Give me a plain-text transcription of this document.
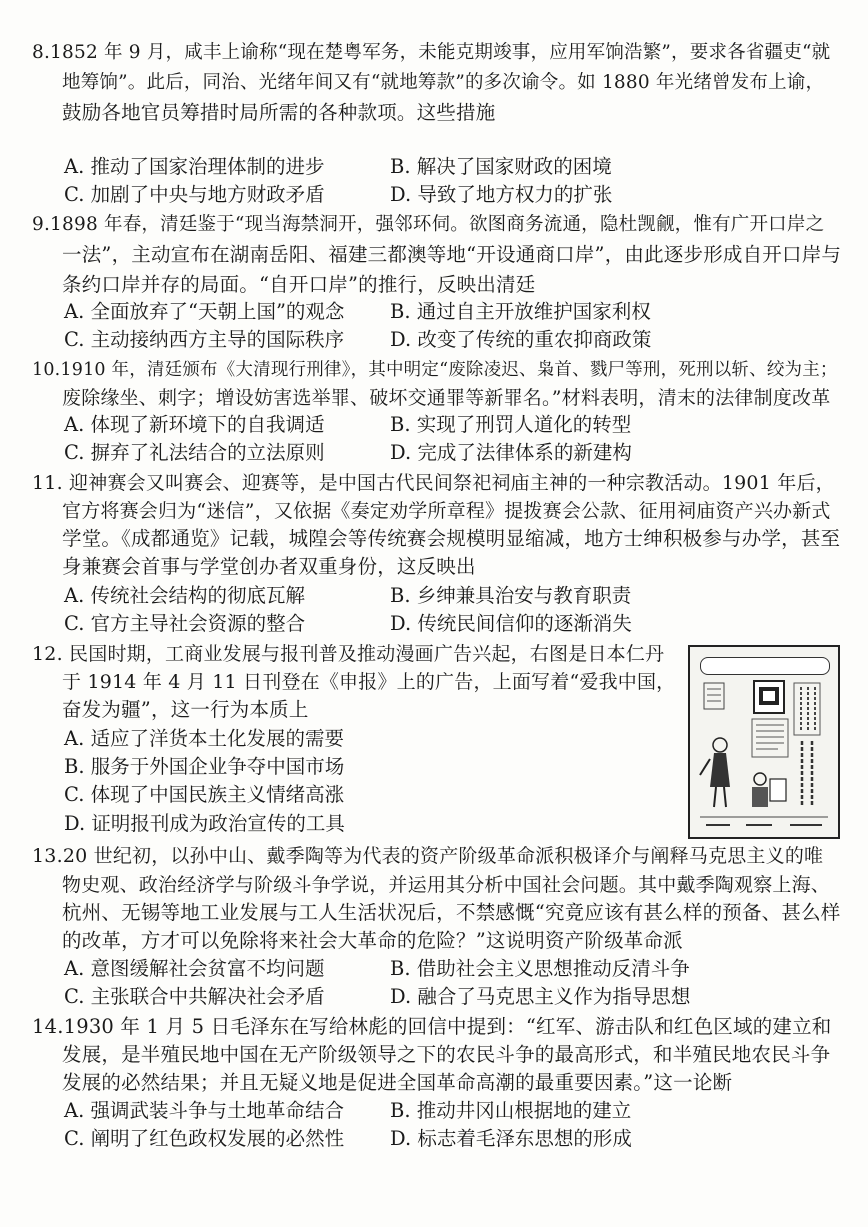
8.1852 年 9 月，咸丰上谕称“现在楚粤军务，未能克期竣事，应用军饷浩繁”，要求各省疆吏“就
地筹饷”。此后，同治、光绪年间又有“就地筹款”的多次谕令。如 1880 年光绪曾发布上谕，
鼓励各地官员筹措时局所需的各种款项。这些措施
A. 推动了国家治理体制的进步	B. 解决了国家财政的困境
C. 加剧了中央与地方财政矛盾	D. 导致了地方权力的扩张
9.1898 年春，清廷鉴于“现当海禁洞开，强邻环伺。欲图商务流通，隐杜觊觎，惟有广开口岸之
一法”，主动宣布在湖南岳阳、福建三都澳等地“开设通商口岸”，由此逐步形成自开口岸与
条约口岸并存的局面。“自开口岸”的推行，反映出清廷
A. 全面放弃了“天朝上国”的观念 B. 通过自主开放维护国家利权
C. 主动接纳西方主导的国际秩序 D. 改变了传统的重农抑商政策
10.1910 年，清廷颁布《大清现行刑律》，其中明定“废除凌迟、枭首、戮尸等刑，死刑以斩、绞为主；
废除缘坐、刺字；增设妨害选举罪、破坏交通罪等新罪名。”材料表明，清末的法律制度改革
A. 体现了新环境下的自我调适	B. 实现了刑罚人道化的转型
C. 摒弃了礼法结合的立法原则	D. 完成了法律体系的新建构
11. 迎神赛会又叫赛会、迎赛等，是中国古代民间祭祀祠庙主神的一种宗教活动。1901 年后，
官方将赛会归为“迷信”，又依据《奏定劝学所章程》提拨赛会公款、征用祠庙资产兴办新式
学堂。《成都通览》记载，城隍会等传统赛会规模明显缩减，地方士绅积极参与办学，甚至
身兼赛会首事与学堂创办者双重身份，这反映出
A. 传统社会结构的彻底瓦解	B. 乡绅兼具治安与教育职责
C. 官方主导社会资源的整合	D. 传统民间信仰的逐渐消失
12. 民国时期，工商业发展与报刊普及推动漫画广告兴起，右图是日本仁丹
于 1914 年 4 月 11 日刊登在《申报》上的广告，上面写着“爱我中国，
奋发为疆”，这一行为本质上
A. 适应了洋货本土化发展的需要
B. 服务于外国企业争夺中国市场
C. 体现了中国民族主义情绪高涨
D. 证明报刊成为政治宣传的工具
13.20 世纪初，以孙中山、戴季陶等为代表的资产阶级革命派积极译介与阐释马克思主义的唯
物史观、政治经济学与阶级斗争学说，并运用其分析中国社会问题。其中戴季陶观察上海、
杭州、无锡等地工业发展与工人生活状况后，不禁感慨“究竟应该有甚么样的预备、甚么样
的改革，方才可以免除将来社会大革命的危险？”这说明资产阶级革命派
A. 意图缓解社会贫富不均问题	B. 借助社会主义思想推动反清斗争
C. 主张联合中共解决社会矛盾	D. 融合了马克思主义作为指导思想
14.1930 年 1 月 5 日毛泽东在写给林彪的回信中提到：“红军、游击队和红色区域的建立和
发展，是半殖民地中国在无产阶级领导之下的农民斗争的最高形式，和半殖民地农民斗争
发展的必然结果；并且无疑义地是促进全国革命高潮的最重要因素。”这一论断
A. 强调武装斗争与土地革命结合 B. 推动井冈山根据地的建立
C. 阐明了红色政权发展的必然性 D. 标志着毛泽东思想的形成
